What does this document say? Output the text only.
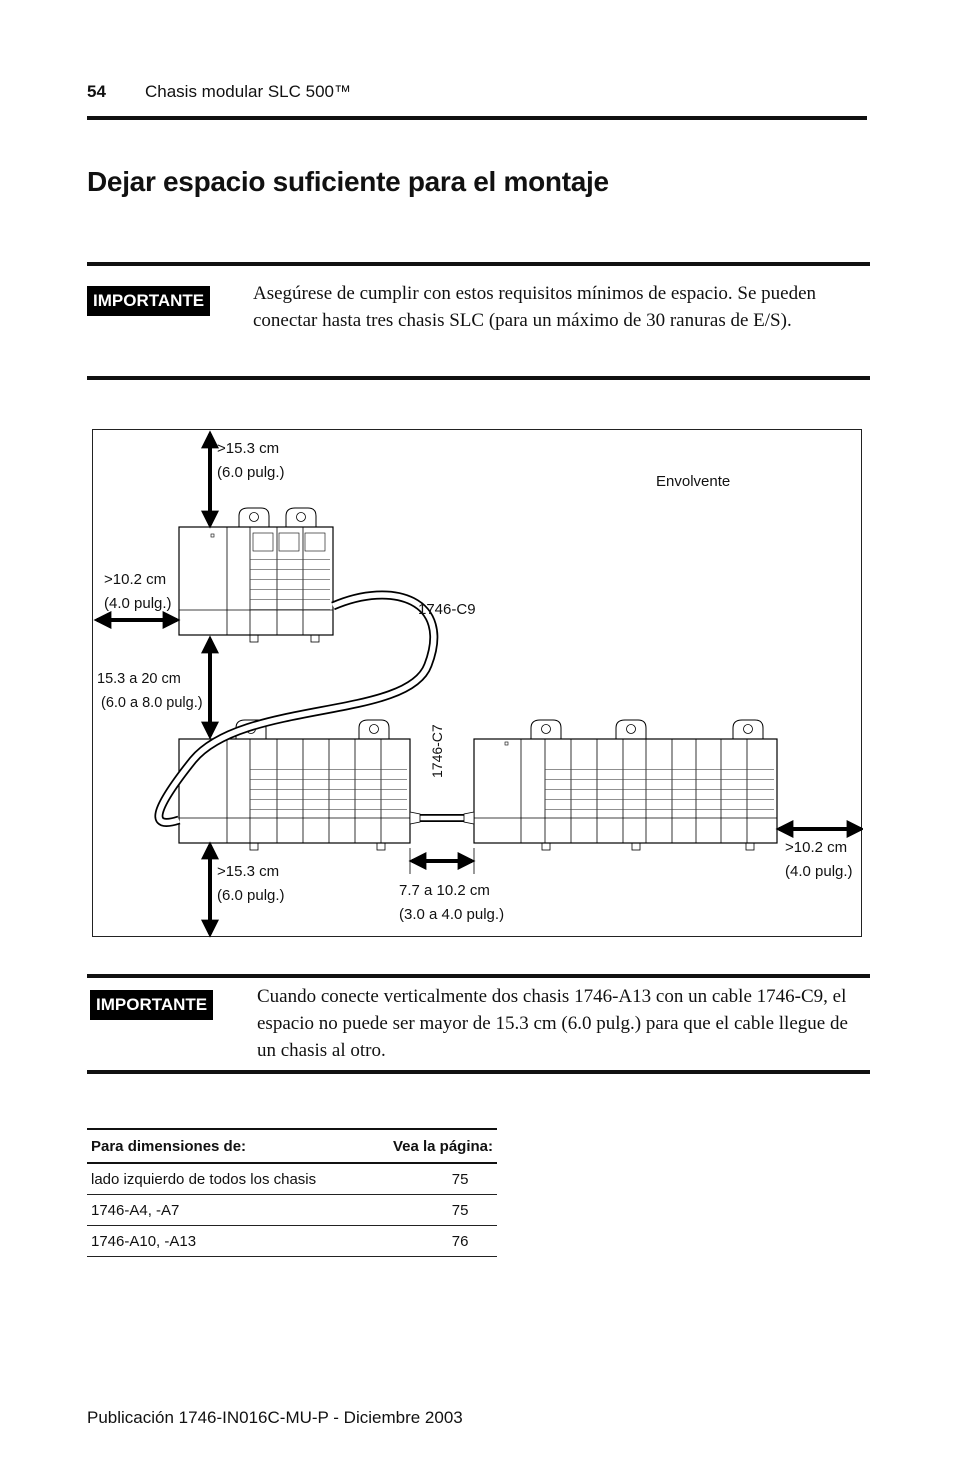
54 Chasis modular SLC 500™
Dejar espacio suficiente para el montaje
IMPORTANTE	Asegúrese de cumplir con estos requisitos mínimos de espacio. Se pueden conectar hasta tres chasis SLC (para un máximo de 30 ranuras de E/S).
>15.3 cm
(6.0 pulg.)
Envolvente
>10.2 cm
(4.0 pulg.)	1746-C9
15.3 a 20 cm
(6.0 a 8.0 pulg.)
1746-C7
>15.3 cm
(6.0 pulg.)	7.7 a 10.2 cm
(3.0 a 4.0 pulg.)
>10.2 cm
(4.0 pulg.)
IMPORTANTE	Cuando conecte verticalmente dos chasis 1746-A13 con un cable 1746-C9, el espacio no puede ser mayor de 15.3 cm (6.0 pulg.) para que el cable llegue de un chasis al otro.
Para dimensiones de:	Vea la página:
lado izquierdo de todos los chasis	75
1746-A4, -A7	75
1746-A10, -A13	76
Publicación 1746-IN016C-MU-P - Diciembre 2003
